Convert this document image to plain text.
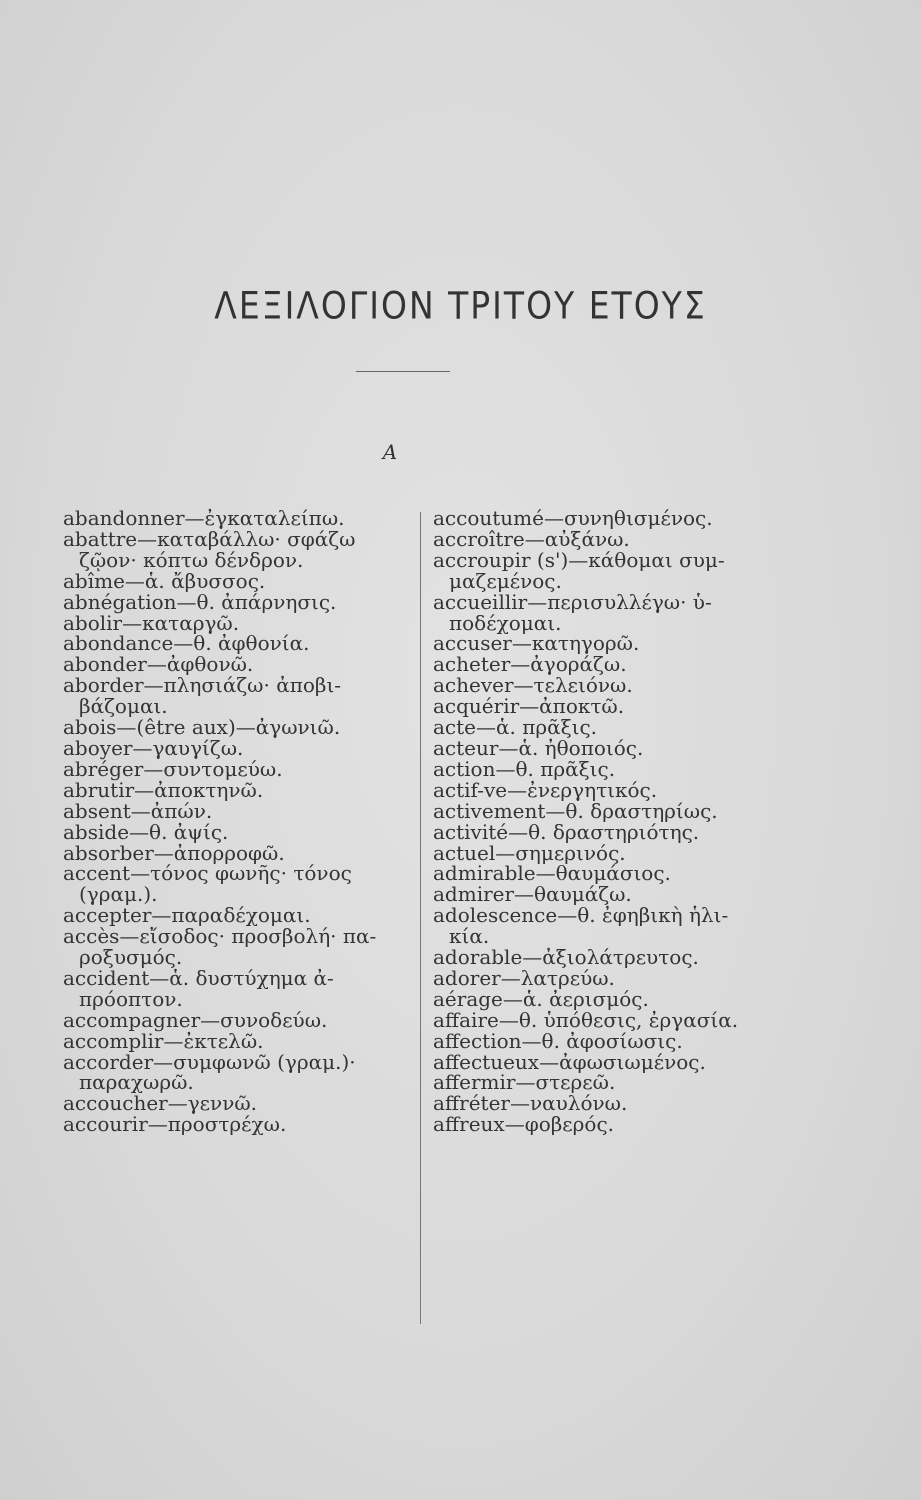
ΛΕΞΙΛΟΓΙΟΝ ΤΡΙΤΟΥ ΕΤΟΥΣ
A
abandonner—ἐγκαταλείπω.
abattre—καταβάλλω· σφάζω
ζῷον· κόπτω δένδρον.
abîme—ἁ. ἄβυσσος.
abnégation—θ. ἀπάρνησις.
abolir—καταργῶ.
abondance—θ. ἀφθονία.
abonder—ἀφθονῶ.
aborder—πλησιάζω· ἀποβι-
βάζομαι.
abois—(être aux)—ἀγωνιῶ.
aboyer—γαυγίζω.
abréger—συντομεύω.
abrutir—ἀποκτηνῶ.
absent—ἀπών.
abside—θ. ἀψίς.
absorber—ἀπορροφῶ.
accent—τόνος φωνῆς· τόνος
(γραμ.).
accepter—παραδέχομαι.
accès—εἴσοδος· προσβολή· πα-
ροξυσμός.
accident—ἁ. δυστύχημα ἀ-
πρόοπτον.
accompagner—συνοδεύω.
accomplir—ἐκτελῶ.
accorder—συμφωνῶ (γραμ.)·
παραχωρῶ.
accoucher—γεννῶ.
accourir—προστρέχω.
accoutumé—συνηθισμένος.
accroître—αὐξάνω.
accroupir (s')—κάθομαι συμ-
μαζεμένος.
accueillir—περισυλλέγω· ὑ-
ποδέχομαι.
accuser—κατηγορῶ.
acheter—ἀγοράζω.
achever—τελειόνω.
acquérir—ἀποκτῶ.
acte—ἁ. πρᾶξις.
acteur—ἁ. ἠθοποιός.
action—θ. πρᾶξις.
actif-ve—ἐνεργητικός.
activement—θ. δραστηρίως.
activité—θ. δραστηριότης.
actuel—σημερινός.
admirable—θαυμάσιος.
admirer—θαυμάζω.
adolescence—θ. ἐφηβικὴ ἡλι-
κία.
adorable—ἀξιολάτρευτος.
adorer—λατρεύω.
aérage—ἁ. ἀερισμός.
affaire—θ. ὑπόθεσις, ἐργασία.
affection—θ. ἀφοσίωσις.
affectueux—ἀφωσιωμένος.
affermir—στερεῶ.
affréter—ναυλόνω.
affreux—φοβερός.
